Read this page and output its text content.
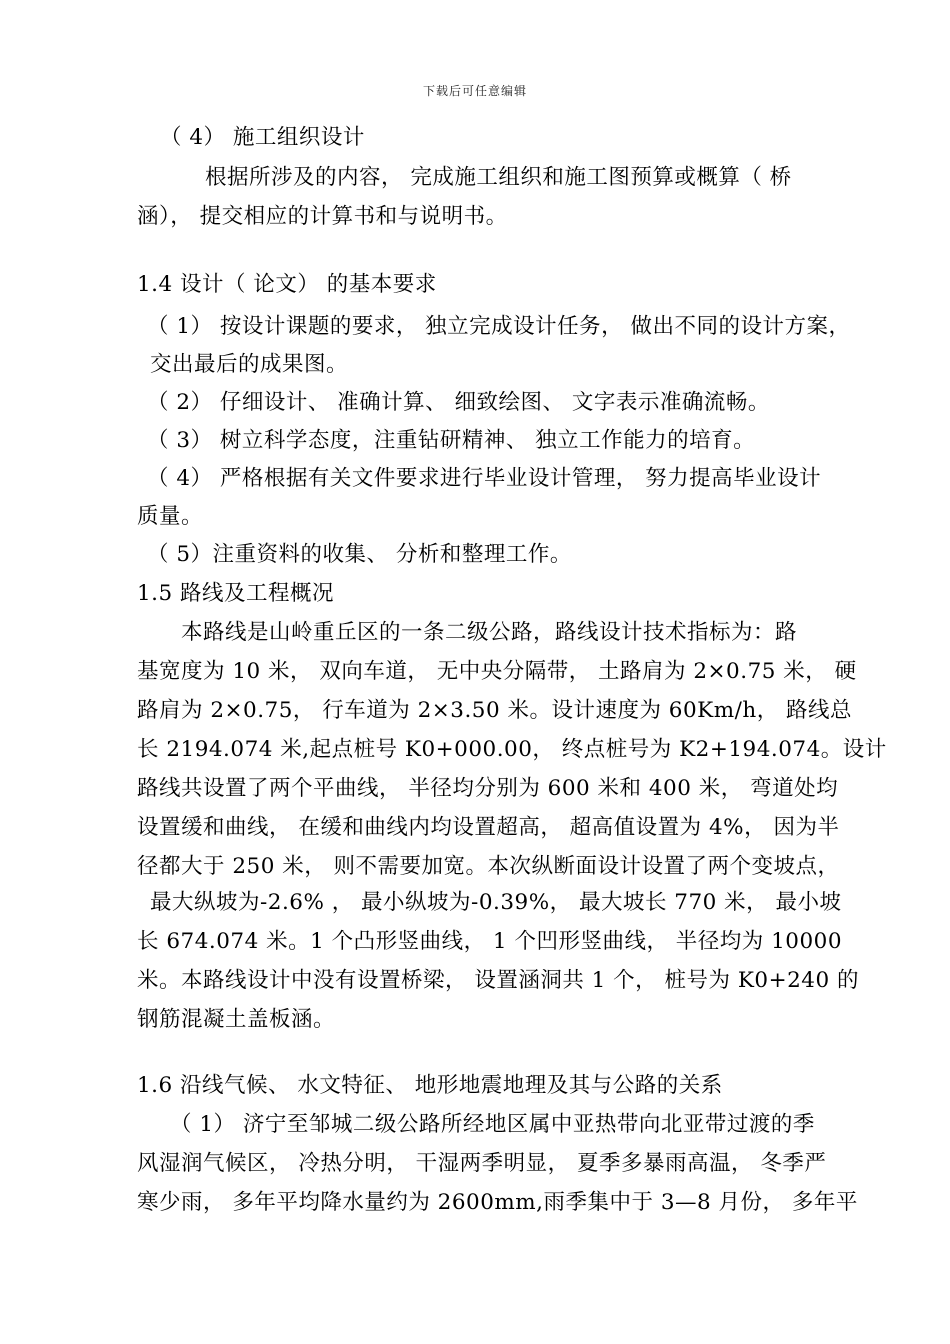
下载后可任意编辑
（ 4） 施工组织设计
根据所涉及的内容， 完成施工组织和施工图预算或概算（ 桥
涵）， 提交相应的计算书和与说明书。
1.4 设计（ 论文） 的基本要求
（ 1） 按设计课题的要求， 独立完成设计任务， 做出不同的设计方案，
交出最后的成果图。
（ 2） 仔细设计、 准确计算、 细致绘图、 文字表示准确流畅。
（ 3） 树立科学态度，注重钻研精神、 独立工作能力的培育。
（ 4） 严格根据有关文件要求进行毕业设计管理， 努力提高毕业设计
质量。
（ 5）注重资料的收集、 分析和整理工作。
1.5 路线及工程概况
本路线是山岭重丘区的一条二级公路，路线设计技术指标为：路
基宽度为 10 米， 双向车道， 无中央分隔带， 土路肩为 2×0.75 米， 硬
路肩为 2×0.75， 行车道为 2×3.50 米。设计速度为 60Km/h， 路线总
长 2194.074 米,起点桩号 K0+000.00， 终点桩号为 K2+194.074。设计
路线共设置了两个平曲线， 半径均分别为 600 米和 400 米， 弯道处均
设置缓和曲线， 在缓和曲线内均设置超高， 超高值设置为 4%， 因为半
径都大于 250 米， 则不需要加宽。本次纵断面设计设置了两个变坡点，
最大纵坡为-2.6% ， 最小纵坡为-0.39%， 最大坡长 770 米， 最小坡
长 674.074 米。1 个凸形竖曲线， 1 个凹形竖曲线， 半径均为 10000
米。本路线设计中没有设置桥梁， 设置涵洞共 1 个， 桩号为 K0+240 的
钢筋混凝土盖板涵。
1.6 沿线气候、 水文特征、 地形地震地理及其与公路的关系
（ 1） 济宁至邹城二级公路所经地区属中亚热带向北亚带过渡的季
风湿润气候区， 冷热分明， 干湿两季明显， 夏季多暴雨高温， 冬季严
寒少雨， 多年平均降水量约为 2600mm,雨季集中于 3—8 月份， 多年平
